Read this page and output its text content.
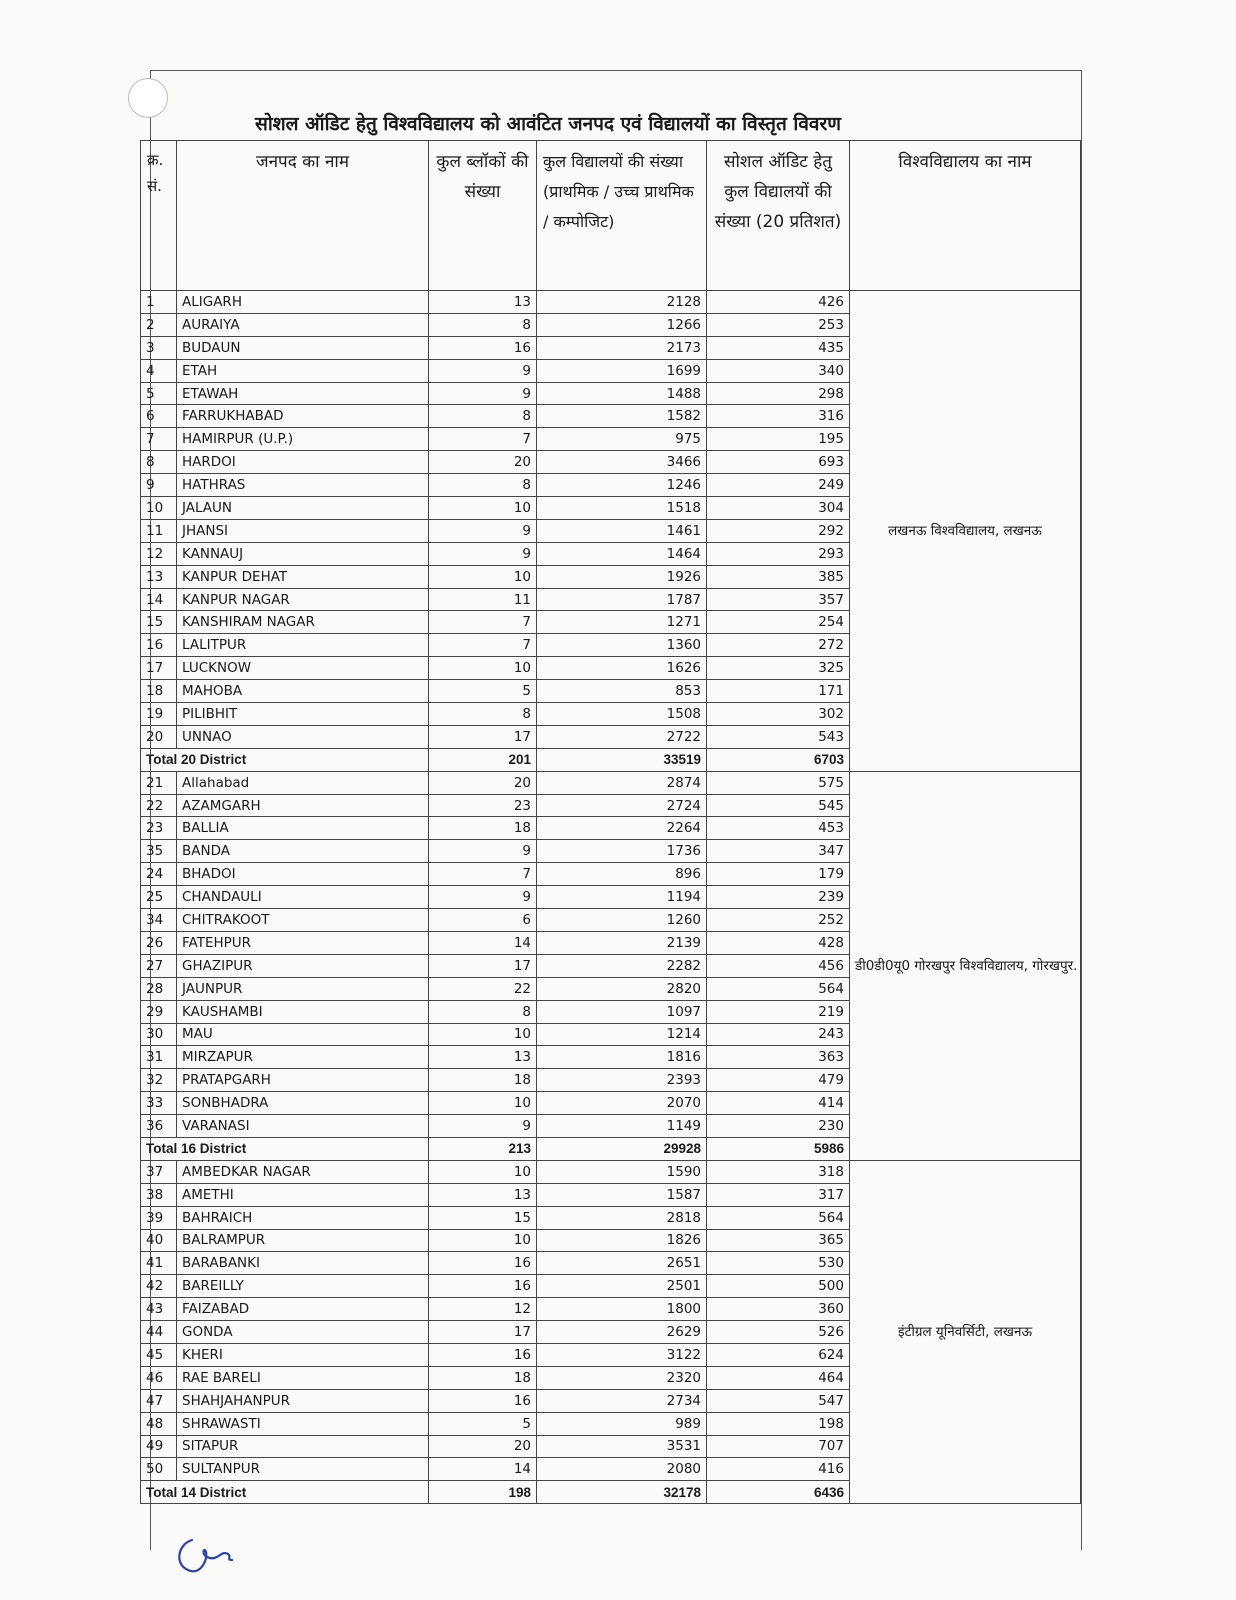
सोशल ऑडिट हेतु विश्वविद्यालय को आवंटित जनपद एवं विद्यालयों का विस्तृत विवरण
क्र. सं.	जनपद का नाम	कुल ब्लॉकों की संख्या	कुल विद्यालयों की संख्या (प्राथमिक / उच्च प्राथमिक / कम्पोजिट)	सोशल ऑडिट हेतु कुल विद्यालयों की संख्या (20 प्रतिशत)	विश्वविद्यालय का नाम
1	ALIGARH	13	2128	426	लखनऊ विश्वविद्यालय, लखनऊ
2	AURAIYA	8	1266	253	
3	BUDAUN	16	2173	435	
4	ETAH	9	1699	340	
5	ETAWAH	9	1488	298	
6	FARRUKHABAD	8	1582	316	
7	HAMIRPUR (U.P.)	7	975	195	
8	HARDOI	20	3466	693	
9	HATHRAS	8	1246	249	
10	JALAUN	10	1518	304	
11	JHANSI	9	1461	292	
12	KANNAUJ	9	1464	293	
13	KANPUR DEHAT	10	1926	385	
14	KANPUR NAGAR	11	1787	357	
15	KANSHIRAM NAGAR	7	1271	254	
16	LALITPUR	7	1360	272	
17	LUCKNOW	10	1626	325	
18	MAHOBA	5	853	171	
19	PILIBHIT	8	1508	302	
20	UNNAO	17	2722	543	
Total 20 District		201	33519	6703	
21	Allahabad	20	2874	575	डी0डी0यू0 गोरखपुर विश्वविद्यालय, गोरखपुर.
22	AZAMGARH	23	2724	545	
23	BALLIA	18	2264	453	
35	BANDA	9	1736	347	
24	BHADOI	7	896	179	
25	CHANDAULI	9	1194	239	
34	CHITRAKOOT	6	1260	252	
26	FATEHPUR	14	2139	428	
27	GHAZIPUR	17	2282	456	
28	JAUNPUR	22	2820	564	
29	KAUSHAMBI	8	1097	219	
30	MAU	10	1214	243	
31	MIRZAPUR	13	1816	363	
32	PRATAPGARH	18	2393	479	
33	SONBHADRA	10	2070	414	
36	VARANASI	9	1149	230	
Total 16 District		213	29928	5986	
37	AMBEDKAR NAGAR	10	1590	318	इंटीग्रल यूनिवर्सिटी, लखनऊ
38	AMETHI	13	1587	317	
39	BAHRAICH	15	2818	564	
40	BALRAMPUR	10	1826	365	
41	BARABANKI	16	2651	530	
42	BAREILLY	16	2501	500	
43	FAIZABAD	12	1800	360	
44	GONDA	17	2629	526	
45	KHERI	16	3122	624	
46	RAE BARELI	18	2320	464	
47	SHAHJAHANPUR	16	2734	547	
48	SHRAWASTI	5	989	198	
49	SITAPUR	20	3531	707	
50	SULTANPUR	14	2080	416	
Total 14 District		198	32178	6436	
